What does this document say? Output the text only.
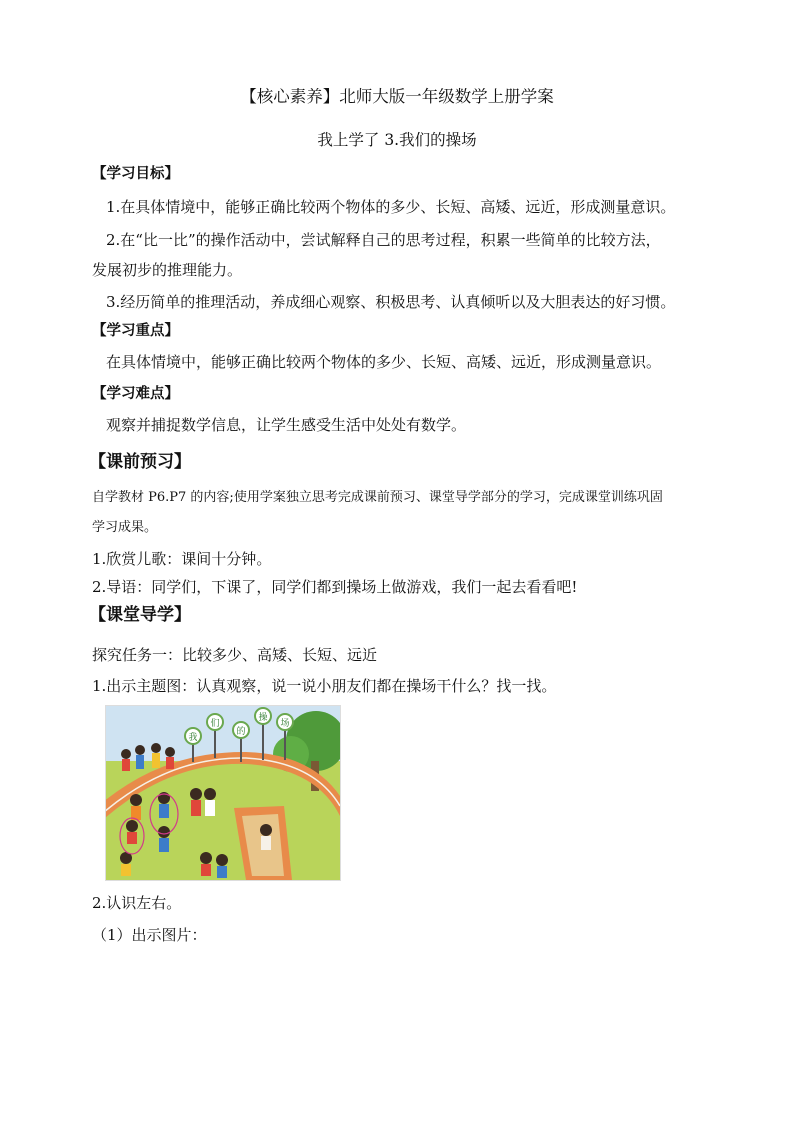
【核心素养】北师大版一年级数学上册学案
我上学了 3.我们的操场
【学习目标】
1.在具体情境中，能够正确比较两个物体的多少、长短、高矮、远近，形成测量意识。
2.在“比一比”的操作活动中，尝试解释自己的思考过程，积累一些简单的比较方法，
发展初步的推理能力。
3.经历简单的推理活动，养成细心观察、积极思考、认真倾听以及大胆表达的好习惯。
【学习重点】
在具体情境中，能够正确比较两个物体的多少、长短、高矮、远近，形成测量意识。
【学习难点】
观察并捕捉数学信息，让学生感受生活中处处有数学。
【课前预习】
自学教材 P6.P7 的内容;使用学案独立思考完成课前预习、课堂导学部分的学习，完成课堂训练巩固
学习成果。
1.欣赏儿歌：课间十分钟。
2.导语：同学们，下课了，同学们都到操场上做游戏，我们一起去看看吧!
【课堂导学】
探究任务一：比较多少、高矮、长短、远近
1.出示主题图：认真观察，说一说小朋友们都在操场干什么？找一找。
我
们
的
操
场
2.认识左右。
（1）出示图片：
